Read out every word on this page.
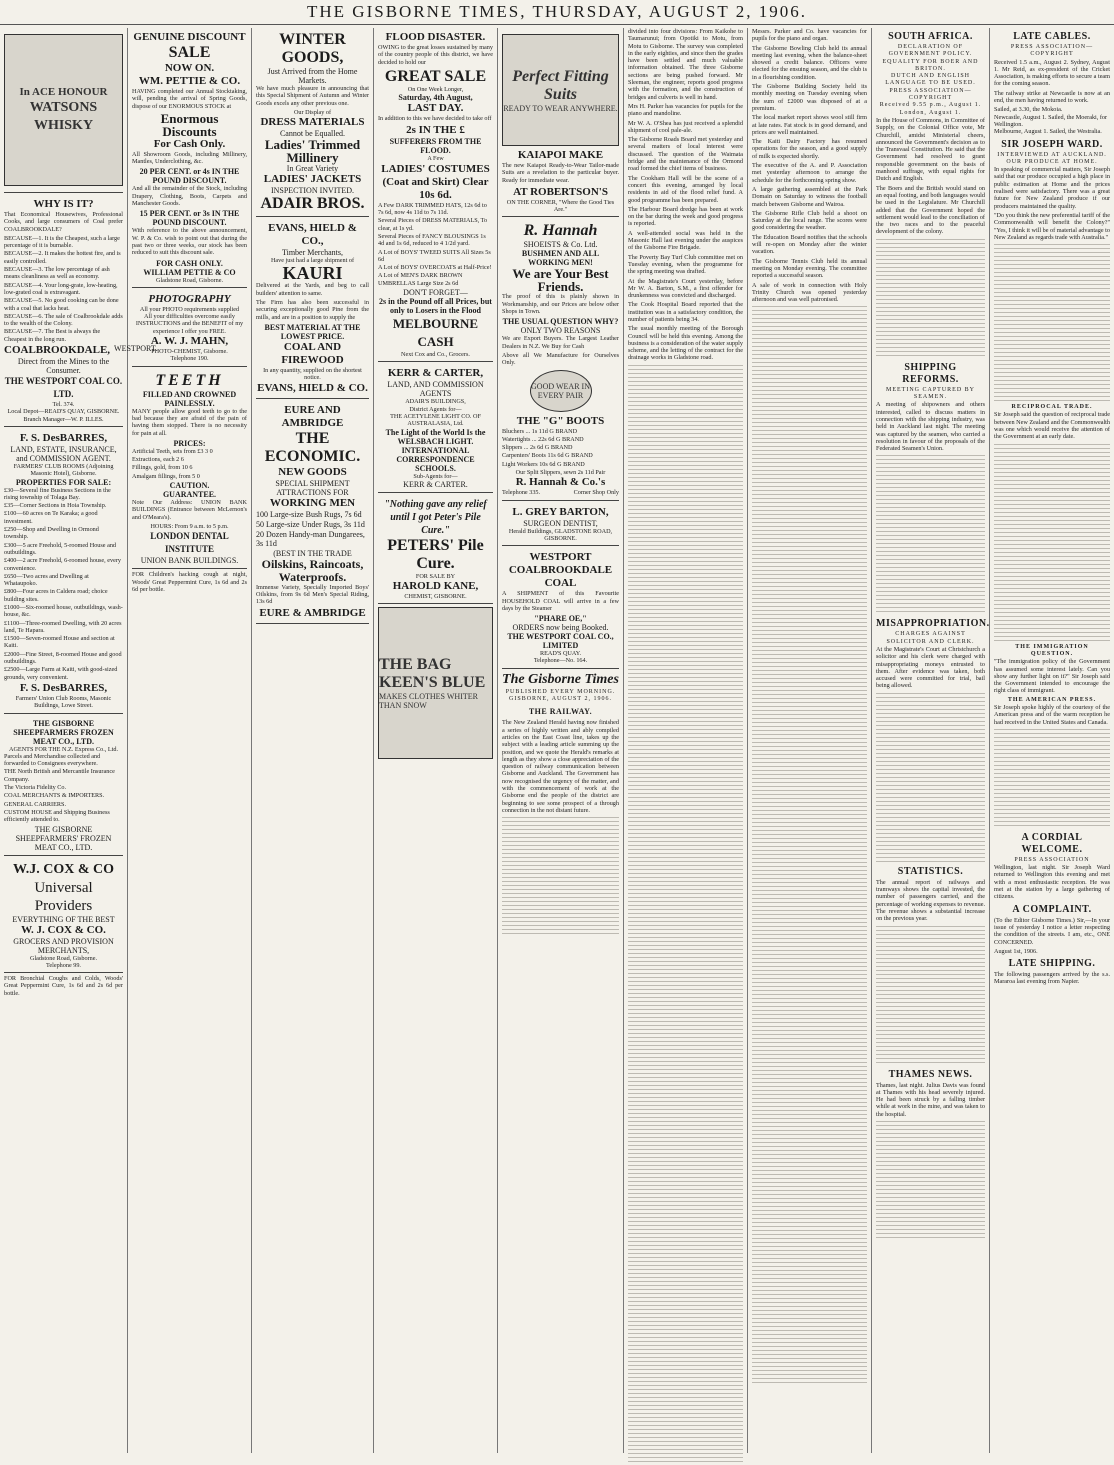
THE GISBORNE TIMES, THURSDAY, AUGUST 2, 1906.
In ACE HONOUR
WATSONS WHISKY
WHY IS IT?

That Economical Housewives, Professional Cooks, and large consumers of Coal prefer COALBROOKDALE?

BECAUSE—1. It is the Cheapest, such a large percentage of it is burnable.
BECAUSE—2. It makes the hottest fire, and is easily controlled.
BECAUSE—3. The low percentage of ash means cleanliness as well as economy.
BECAUSE—4. Your long-grate, low-heating, low-grated coal is extravagant.
BECAUSE—5. No good cooking can be done with a coal that lacks heat.
BECAUSE—6. The sale of Coalbrookdale adds to the wealth of the Colony.
BECAUSE—7. The Best is always the Cheapest in the long run.
COALBROOKDALE, WESTPORT.
Direct from the Mines to the Consumer.
THE WESTPORT COAL CO. LTD.
Tel. 374.
Local Depot—READ'S QUAY, GISBORNE.
Branch Manager—W. P. ILLES.
F. S. DesBARRES,
LAND, ESTATE, INSURANCE, and COMMISSION AGENT.
FARMERS' CLUB ROOMS (Adjoining Masonic Hotel), Gisborne.
PROPERTIES FOR SALE:
£30—Several fine Business Sections in the rising township of Tolaga Bay.
£35—Corner Sections in Hoia Township.
£100—60 acres on Te Karaka; a good investment.
£250—Shop and Dwelling in Ormond township.
£300—5 acre Freehold, 5-roomed House and outbuildings.
£400—2 acre Freehold, 6-roomed house, every convenience.
£650—Two acres and Dwelling at Whataupoko.
£800—Four acres in Caldera road; choice building sites.
£1000—Six-roomed house, outbuildings, wash-house, &c.
£1100—Three-roomed Dwelling, with 20 acres land, Te Hapara.
£1500—Seven-roomed House and section at Kaiti.
£2000—Fine Street, 8-roomed House and good outbuildings.
£2500—Large Farm at Kaiti, with good-sized grounds, very convenient.
F. S. DesBARRES,
Farmers' Union Club Rooms, Masonic Buildings, Lowe Street.
THE GISBORNE SHEEPFARMERS FROZEN MEAT CO., LTD.
AGENTS FOR THE N.Z. Express Co., Ltd.
Parcels and Merchandise collected and forwarded to Consignees everywhere.
THE North British and Mercantile Insurance Company.
The Victoria Fidelity Co.
COAL MERCHANTS & IMPORTERS.
GENERAL CARRIERS.
CUSTOM HOUSE and Shipping Business efficiently attended to.
THE GISBORNE SHEEPFARMERS' FROZEN MEAT CO., LTD.
W.J. COX & CO
Universal
Providers
EVERYTHING OF THE BEST
W. J. COX & CO.
GROCERS AND PROVISION MERCHANTS,
Gladstone Road, Gisborne.
Telephone 99.

FOR Bronchial Coughs and Colds, Woods' Great Peppermint Cure, 1s 6d and 2s 6d per bottle.

GENUINE DISCOUNT
SALE
NOW ON.
WM. PETTIE & CO.

HAVING completed our Annual Stocktaking, will, pending the arrival of Spring Goods, dispose of our ENORMOUS STOCK at

Enormous Discounts
For Cash Only.

All Showroom Goods, including Millinery, Mantles, Underclothing, &c.

20 PER CENT. or 4s IN THE POUND DISCOUNT.

And all the remainder of the Stock, including Drapery, Clothing, Boots, Carpets and Manchester Goods.

15 PER CENT. or 3s IN THE POUND DISCOUNT.

With reference to the above announcement, W. P. & Co. wish to point out that during the past two or three weeks, our stock has been reduced to suit this discount sale.

FOR CASH ONLY.
WILLIAM PETTIE & CO
Gladstone Road, Gisborne.
PHOTOGRAPHY
All your PHOTO requirements supplied
All your difficulties overcome easily
INSTRUCTIONS and the BENEFIT of my experience I offer you FREE.
A. W. J. MAHN,
PHOTO-CHEMIST, Gisborne.
Telephone 190.
TEETH
FILLED AND CROWNED PAINLESSLY.

MANY people allow good teeth to go to the bad because they are afraid of the pain of having them stopped. There is no necessity for pain at all.

PRICES:
Artificial Teeth, sets from £3 3 0
Extractions, each 2 6
Fillings, gold, from 10 6
Amalgam fillings, from 5 0
CAUTION.
GUARANTEE.

Note Our Address: UNION BANK BUILDINGS (Entrance between McLernon's and O'Meara's).

HOURS: From 9 a.m. to 5 p.m.
LONDON DENTAL INSTITUTE
UNION BANK BUILDINGS.

FOR Children's hacking cough at night, Woods' Great Peppermint Cure, 1s 6d and 2s 6d per bottle.

WINTER GOODS,
Just Arrived from the Home Markets.

We have much pleasure in announcing that this Special Shipment of Autumn and Winter Goods excels any other previous one.

Our Display of
DRESS MATERIALS
Cannot be Equalled.
Ladies' Trimmed Millinery
In Great Variety
LADIES' JACKETS
INSPECTION INVITED.
ADAIR BROS.
EVANS, HIELD & CO.,
Timber Merchants,
Have just had a large shipment of
KAURI

Delivered at the Yards, and beg to call builders' attention to same.

The Firm has also been successful in securing exceptionally good Pine from the mills, and are in a position to supply the

BEST MATERIAL AT THE LOWEST PRICE.
COAL AND FIREWOOD
In any quantity, supplied on the shortest notice.
EVANS, HIELD & CO.
EURE AND AMBRIDGE
THE ECONOMIC.
NEW GOODS
SPECIAL SHIPMENT
ATTRACTIONS FOR
WORKING MEN
100 Large-size Bush Rugs, 7s 6d
50 Large-size Under Rugs, 3s 11d
20 Dozen Handy-man Dungarees, 3s 11d
(BEST IN THE TRADE
Oilskins, Raincoats, Waterproofs.

Immense Variety, Specially Imported Boys' Oilskins, from 9s 6d Men's Special Riding, 13s 6d

EURE & AMBRIDGE
FLOOD DISASTER.

OWING to the great losses sustained by many of the country people of this district, we have decided to hold our

GREAT SALE
On One Week Longer,
Saturday, 4th August,
LAST DAY.

In addition to this we have decided to take off

2s IN THE £
SUFFERERS FROM THE FLOOD.
A Few
LADIES' COSTUMES (Coat and Skirt) Clear 10s 6d.
A Few DARK TRIMMED HATS, 12s 6d to 7s 6d, now 4s 11d to 7s 11d.
Several Pieces of DRESS MATERIALS, To clear, at 1s yd.
Several Pieces of FANCY BLOUSINGS 1s 4d and 1s 6d, reduced to 4 1/2d yard.
A Lot of BOYS' TWEED SUITS All Sizes 5s 6d
A Lot of BOYS' OVERCOATS at Half-Price!
A Lot of MEN'S DARK BROWN UMBRELLAS Large Size 2s 6d
DON'T FORGET—
2s in the Pound off all Prices, but only to Losers in the Flood
MELBOURNE CASH
Next Cox and Co., Grocers.
KERR & CARTER,
LAND, AND COMMISSION AGENTS
ADAIR'S BUILDINGS,
District Agents for—
THE ACETYLENE LIGHT CO. OF AUSTRALASIA, Ltd.
The Light of the World Is the WELSBACH LIGHT.
INTERNATIONAL CORRESPONDENCE SCHOOLS.
Sub-Agents for—
KERR & CARTER.
"Nothing gave any relief until I got Peter's Pile Cure."
PETERS' Pile Cure.
FOR SALE BY
HAROLD KANE,
CHEMIST, GISBORNE.
THE BAG KEEN'S BLUE
MAKES CLOTHES WHITER THAN SNOW
Perfect Fitting Suits
READY TO WEAR ANYWHERE.
KAIAPOI MAKE

The new Kaiapoi Ready-to-Wear Tailor-made Suits are a revelation to the particular buyer. Ready for immediate wear.

AT ROBERTSON'S
ON THE CORNER, "Where the Good Ties Are."
R. Hannah
SHOEISTS & Co. Ltd.
BUSHMEN AND ALL WORKING MEN!
We are Your Best Friends.

The proof of this is plainly shown in Workmanship, and our Prices are below other Shops in Town.

THE USUAL QUESTION WHY?
ONLY TWO REASONS

We are Export Buyers. The Largest Leather Dealers in N.Z. We Buy for Cash

Above all We Manufacture for Ourselves Only.

GOOD WEAR IN EVERY PAIR
THE "G" BOOTS
Bluchers ... 1s 11d G BRAND
Watertights ... 22s 6d G BRAND
Slippers ... 2s 6d G BRAND
Carpenters' Boots 11s 6d G BRAND
Light Workers 10s 6d G BRAND
Our Split Slippers, sewn 2s 11d Pair
R. Hannah & Co.'s
Telephone 335.	Corner Shop Only
L. GREY BARTON,
SURGEON DENTIST,
Herald Buildings, GLADSTONE ROAD, GISBORNE.
WESTPORT COALBROOKDALE COAL

A SHIPMENT of this Favourite HOUSEHOLD COAL will arrive in a few days by the Steamer

"PHARE OE,"
ORDERS now being Booked.
THE WESTPORT COAL CO., LIMITED
READ'S QUAY.
Telephone—No. 164.
The Gisborne Times
PUBLISHED EVERY MORNING.
GISBORNE, AUGUST 2, 1906.
THE RAILWAY.

The New Zealand Herald having now finished a series of highly written and ably compiled articles on the East Coast line, takes up the subject with a leading article summing up the position, and we quote the Herald's remarks at length as they show a close appreciation of the question of railway communication between Gisborne and Auckland. The Government has now recognised the urgency of the matter, and with the commencement of work at the Gisborne end the people of the district are beginning to see some prospect of a through connection in the not distant future.

divided into four divisions: From Kaikohe to Taumarunui; from Opotiki to Motu, from Motu to Gisborne. The survey was completed in the early eighties, and since then the grades have been settled and much valuable information obtained. The three Gisborne sections are being pushed forward. Mr Sleeman, the engineer, reports good progress with the formation, and the construction of bridges and culverts is well in hand.

Mrs H. Parker has vacancies for pupils for the piano and mandoline.

Mr W. A. O'Shea has just received a splendid shipment of cool pale-ale.

The Gisborne Roads Board met yesterday and several matters of local interest were discussed. The question of the Waimata bridge and the maintenance of the Ormond road formed the chief items of business.

The Cookham Hall will be the scene of a concert this evening, arranged by local residents in aid of the flood relief fund. A good programme has been prepared.

The Harbour Board dredge has been at work on the bar during the week and good progress is reported.

A well-attended social was held in the Masonic Hall last evening under the auspices of the Gisborne Fire Brigade.

The Poverty Bay Turf Club committee met on Tuesday evening, when the programme for the spring meeting was drafted.

At the Magistrate's Court yesterday, before Mr W. A. Barton, S.M., a first offender for drunkenness was convicted and discharged.

The Cook Hospital Board reported that the institution was in a satisfactory condition, the number of patients being 34.

The usual monthly meeting of the Borough Council will be held this evening. Among the business is a consideration of the water supply scheme, and the letting of the contract for the drainage works in Gladstone road.

Messrs. Parker and Co. have vacancies for pupils for the piano and organ.

The Gisborne Bowling Club held its annual meeting last evening, when the balance-sheet showed a credit balance. Officers were elected for the ensuing season, and the club is in a flourishing condition.

The Gisborne Building Society held its monthly meeting on Tuesday evening when the sum of £2000 was disposed of at a premium.

The local market report shows wool still firm at late rates. Fat stock is in good demand, and prices are well maintained.

The Kaiti Dairy Factory has resumed operations for the season, and a good supply of milk is expected shortly.

The executive of the A. and P. Association met yesterday afternoon to arrange the schedule for the forthcoming spring show.

A large gathering assembled at the Park Domain on Saturday to witness the football match between Gisborne and Wairoa.

The Gisborne Rifle Club held a shoot on Saturday at the local range. The scores were good considering the weather.

The Education Board notifies that the schools will re-open on Monday after the winter vacation.

The Gisborne Tennis Club held its annual meeting on Monday evening. The committee reported a successful season.

A sale of work in connection with Holy Trinity Church was opened yesterday afternoon and was well patronised.

SOUTH AFRICA.
DECLARATION OF GOVERNMENT POLICY.
EQUALITY FOR BOER AND BRITON.
DUTCH AND ENGLISH LANGUAGE TO BE USED.
PRESS ASSOCIATION—COPYRIGHT
Received 9.55 p.m., August 1.
London, August 1.

In the House of Commons, in Committee of Supply, on the Colonial Office vote, Mr Churchill, amidst Ministerial cheers, announced the Government's decision as to the Transvaal Constitution. He said that the Government had resolved to grant responsible government on the basis of manhood suffrage, with equal rights for Dutch and English.

The Boers and the British would stand on an equal footing, and both languages would be used in the Legislature. Mr Churchill added that the Government hoped the settlement would lead to the conciliation of the two races and to the peaceful development of the colony.

SHIPPING REFORMS.
MEETING CAPTURED BY SEAMEN.

A meeting of shipowners and others interested, called to discuss matters in connection with the shipping industry, was held in Auckland last night. The meeting was captured by the seamen, who carried a resolution in favour of the proposals of the Federated Seamen's Union.

MISAPPROPRIATION.
CHARGES AGAINST SOLICITOR AND CLERK.

At the Magistrate's Court at Christchurch a solicitor and his clerk were charged with misappropriating moneys entrusted to them. After evidence was taken, both accused were committed for trial, bail being allowed.

STATISTICS.

The annual report of railways and tramways shows the capital invested, the number of passengers carried, and the percentage of working expenses to revenue. The revenue shows a substantial increase on the previous year.

THAMES NEWS.

Thames, last night. Julius Davis was found at Thames with his head severely injured. He had been struck by a falling timber while at work in the mine, and was taken to the hospital.

LATE CABLES.
PRESS ASSOCIATION—COPYRIGHT

Received 1.5 a.m., August 2. Sydney, August 1. Mr Reid, as ex-president of the Cricket Association, is making efforts to secure a team for the coming season.

The railway strike at Newcastle is now at an end, the men having returned to work.

Sailed, at 3.30, the Mokoia.
Newcastle, August 1. Sailed, the Moeraki, for Wellington.
Melbourne, August 1. Sailed, the Westralia.
SIR JOSEPH WARD.
INTERVIEWED AT AUCKLAND.
OUR PRODUCE AT HOME.

In speaking of commercial matters, Sir Joseph said that our produce occupied a high place in public estimation at Home and the prices realised were satisfactory. There was a great future for New Zealand produce if our producers maintained the quality.

"Do you think the new preferential tariff of the Commonwealth will benefit the Colony?" "Yes, I think it will be of material advantage to New Zealand as regards trade with Australia."

RECIPROCAL TRADE.

Sir Joseph said the question of reciprocal trade between New Zealand and the Commonwealth was one which would receive the attention of the Government at an early date.

THE IMMIGRATION QUESTION.

"The immigration policy of the Government has assumed some interest lately. Can you show any further light on it?" Sir Joseph said the Government intended to encourage the right class of immigrant.

THE AMERICAN PRESS.

Sir Joseph spoke highly of the courtesy of the American press and of the warm reception he had received in the United States and Canada.

A CORDIAL WELCOME.
PRESS ASSOCIATION

Wellington, last night. Sir Joseph Ward returned to Wellington this evening and met with a most enthusiastic reception. He was met at the station by a large gathering of citizens.

A COMPLAINT.

(To the Editor Gisborne Times.) Sir,—In your issue of yesterday I notice a letter respecting the condition of the streets. I am, etc., ONE CONCERNED.

August 1st, 1906.
LATE SHIPPING.

The following passengers arrived by the s.s. Mararoa last evening from Napier.
